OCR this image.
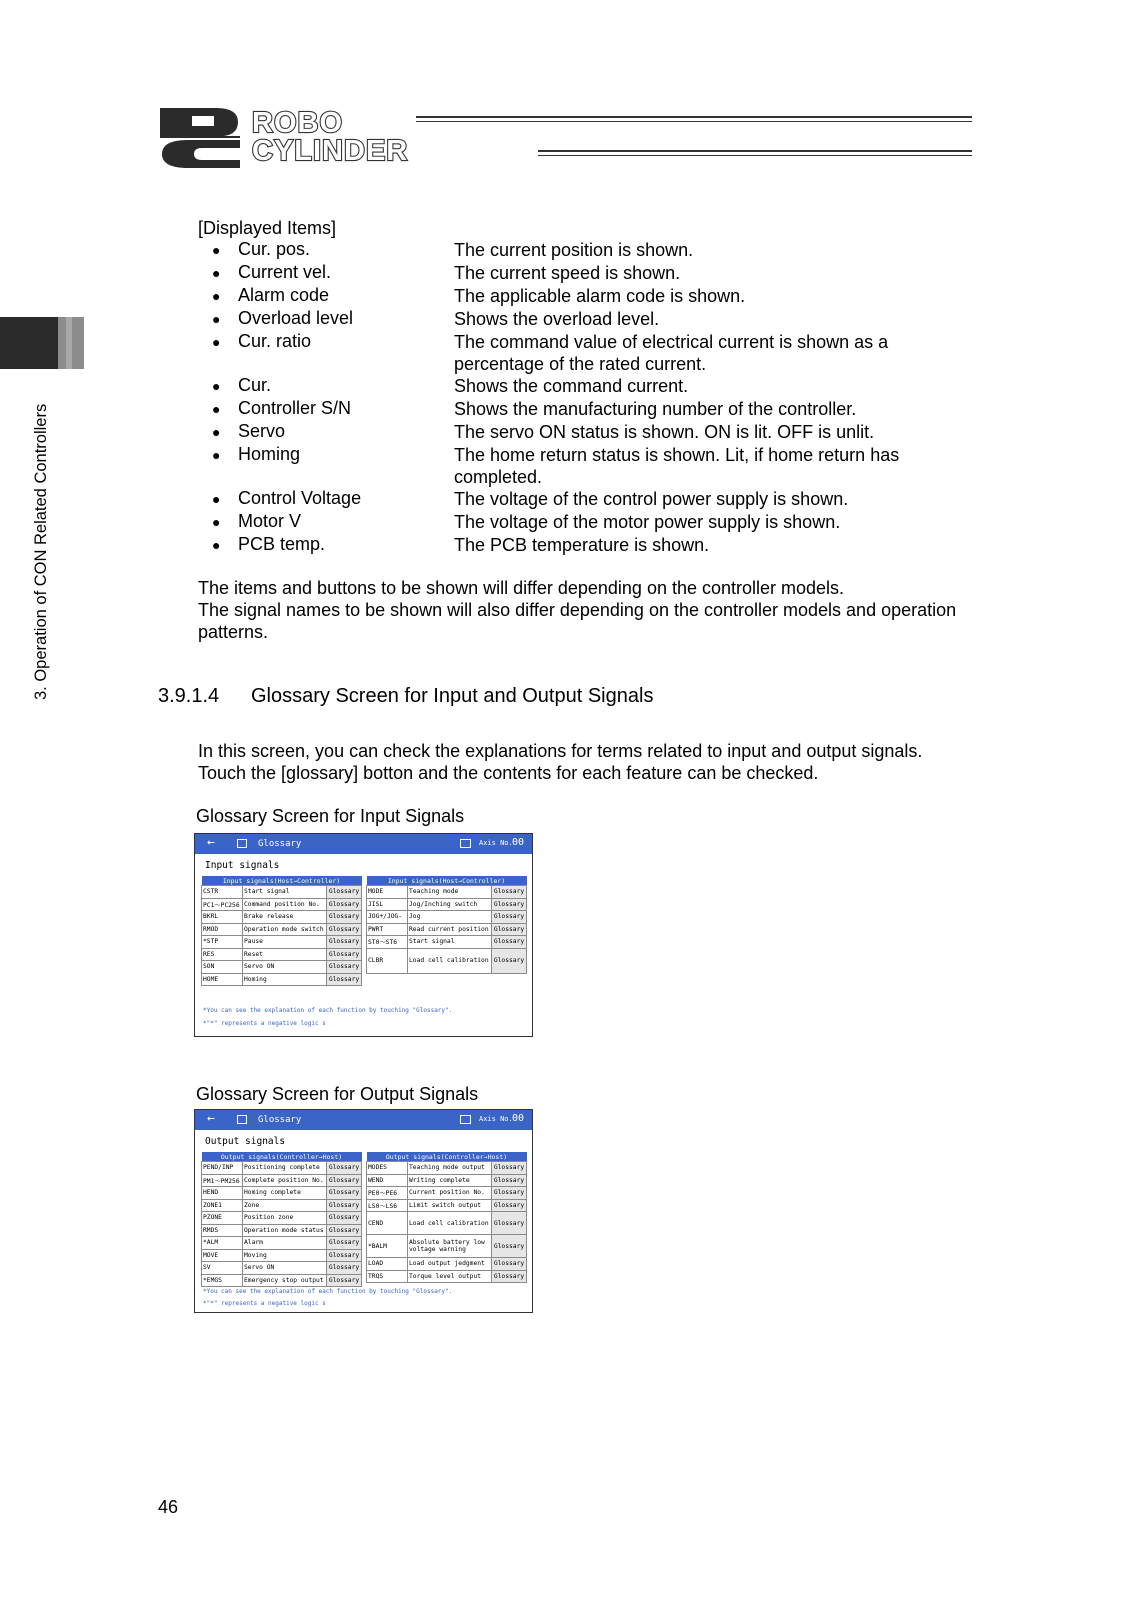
ROBO
CYLINDER
3. Operation of CON Related Controllers
[Displayed Items]
● Cur. pos.	The current position is shown.
● Current vel.	The current speed is shown.
● Alarm code	The applicable alarm code is shown.
● Overload level	Shows the overload level.
● Cur. ratio	The command value of electrical current is shown as a percentage of the rated current.
● Cur.	Shows the command current.
● Controller S/N	Shows the manufacturing number of the controller.
● Servo	The servo ON status is shown. ON is lit. OFF is unlit.
● Homing	The home return status is shown. Lit, if home return has completed.
● Control Voltage	The voltage of the control power supply is shown.
● Motor V	The voltage of the motor power supply is shown.
● PCB temp.	The PCB temperature is shown.
The items and buttons to be shown will differ depending on the controller models.
The signal names to be shown will also differ depending on the controller models and operation
patterns.
3.9.1.4 Glossary Screen for Input and Output Signals
In this screen, you can check the explanations for terms related to input and output signals.
Touch the [glossary] botton and the contents for each feature can be checked.
Glossary Screen for Input Signals
←	Glossary	Axis No. 00
Input signals
Input signals(Host→Controller)		
CSTR	Start signal	Glossary
PC1～PC256	Command position No.	Glossary
BKRL	Brake release	Glossary
RMOD	Operation mode switch	Glossary
*STP	Pause	Glossary
RES	Reset	Glossary
SON	Servo ON	Glossary
HOME	Homing	Glossary
Input signals(Host→Controller)		
MODE	Teaching mode	Glossary
JISL	Jog/Inching switch	Glossary
JOG+/JOG-	Jog	Glossary
PWRT	Read current position	Glossary
ST0～ST6	Start signal	Glossary
CLBR	Load cell calibration	Glossary
*You can see the explanation of each function by touching "Glossary".
*"*" represents a negative logic s
Glossary Screen for Output Signals
←	Glossary	Axis No. 00
Output signals
Output signals(Controller→Host)		
PEND/INP	Positioning complete	Glossary
PM1～PM256	Complete position No.	Glossary
HEND	Homing complete	Glossary
ZONE1	Zone	Glossary
PZONE	Position zone	Glossary
RMDS	Operation mode status	Glossary
*ALM	Alarm	Glossary
MOVE	Moving	Glossary
SV	Servo ON	Glossary
*EMGS	Emergency stop output	Glossary
Output signals(Controller→Host)		
MODES	Teaching mode output	Glossary
WEND	Writing complete	Glossary
PE0～PE6	Current position No.	Glossary
LS0～LS6	Limit switch output	Glossary
CEND	Load cell calibration	Glossary
*BALM	Absolute battery low voltage warning	Glossary
LOAD	Load output jedgment	Glossary
TRQS	Torque level output	Glossary
*You can see the explanation of each function by touching "Glossary".
*"*" represents a negative logic s
46
